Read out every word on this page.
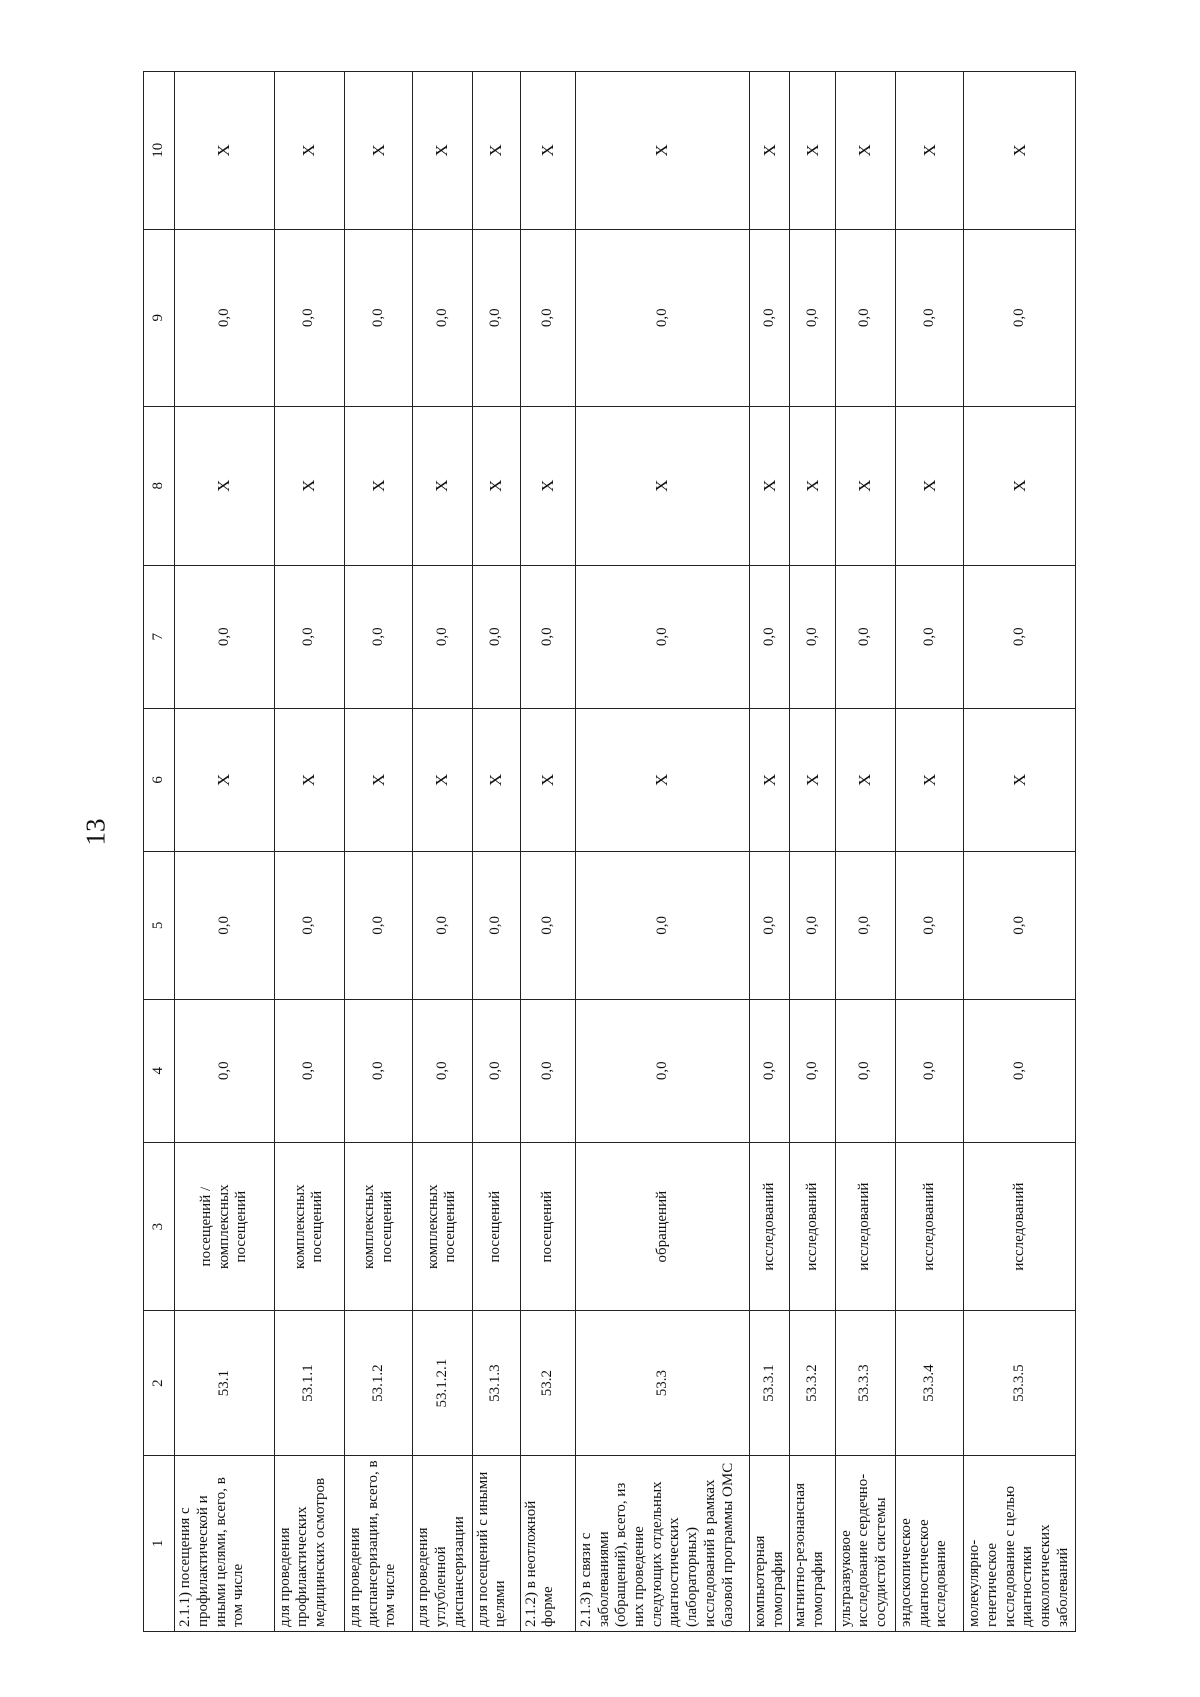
13
1	2	3	4	5	6	7	8	9	10
2.1.1) посещения с профилактической и иными целями, всего, в том числе	53.1	посещений / комплексных посещений	0,0	0,0	X	0,0	X	0,0	X
для проведения профилактических медицинских осмотров	53.1.1	комплексных посещений	0,0	0,0	X	0,0	X	0,0	X
для проведения диспансеризации, всего, в том числе	53.1.2	комплексных посещений	0,0	0,0	X	0,0	X	0,0	X
для проведения углубленной диспансеризации	53.1.2.1	комплексных посещений	0,0	0,0	X	0,0	X	0,0	X
для посещений с иными целями	53.1.3	посещений	0,0	0,0	X	0,0	X	0,0	X
2.1.2) в неотложной форме	53.2	посещений	0,0	0,0	X	0,0	X	0,0	X
2.1.3) в связи с заболеваниями (обращений), всего, из них проведение следующих отдельных диагностических (лабораторных) исследований в рамках базовой программы ОМС	53.3	обращений	0,0	0,0	X	0,0	X	0,0	X
компьютерная томография	53.3.1	исследований	0,0	0,0	X	0,0	X	0,0	X
магнитно-резонансная томография	53.3.2	исследований	0,0	0,0	X	0,0	X	0,0	X
ультразвуковое исследование сердечно-сосудистой системы	53.3.3	исследований	0,0	0,0	X	0,0	X	0,0	X
эндоскопическое диагностическое исследование	53.3.4	исследований	0,0	0,0	X	0,0	X	0,0	X
молекулярно-генетическое исследование с целью диагностики онкологических заболеваний	53.3.5	исследований	0,0	0,0	X	0,0	X	0,0	X
